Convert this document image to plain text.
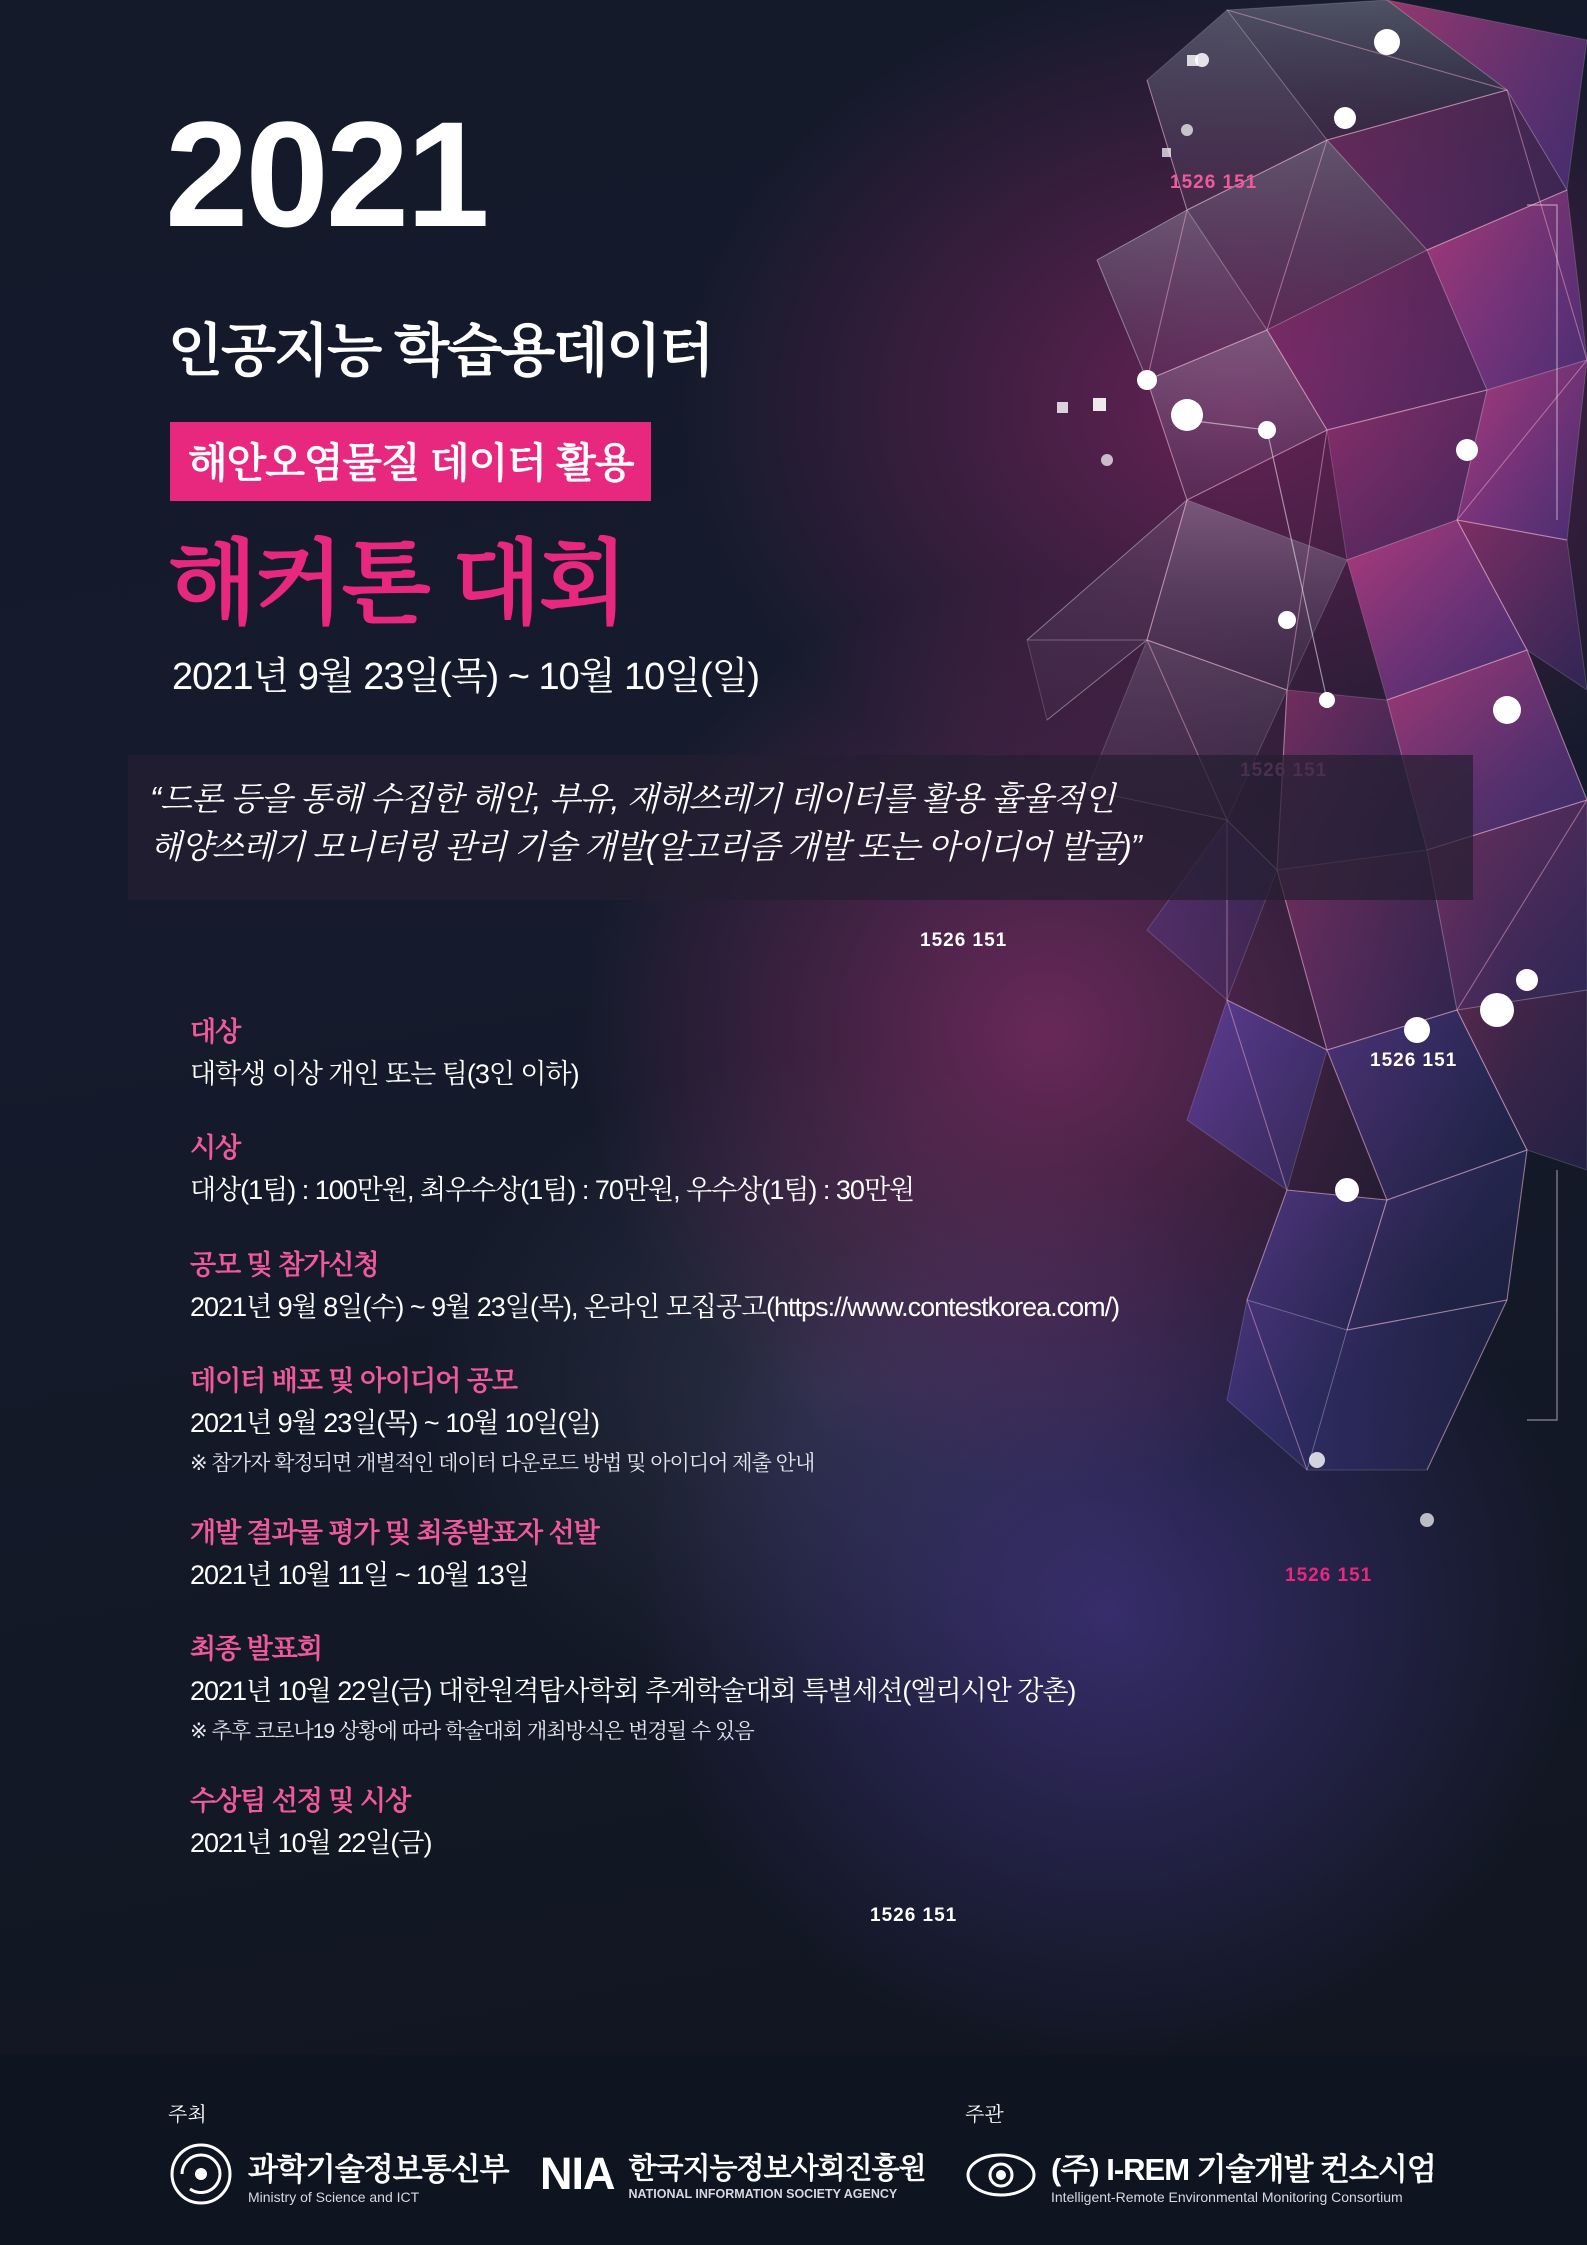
1526 151
1526 151
1526 151
1526 151
1526 151
2021
인공지능 학습용데이터
해안오염물질 데이터 활용
해커톤 대회
2021년 9월 23일(목) ~ 10월 10일(일)
“드론 등을 통해 수집한 해안, 부유, 재해쓰레기 데이터를 활용 휼율적인
해양쓰레기 모니터링 관리 기술 개발(알고리즘 개발 또는 아이디어 발굴)”
대상
대학생 이상 개인 또는 팀(3인 이하)
시상
대상(1팀) : 100만원, 최우수상(1팀) : 70만원, 우수상(1팀) : 30만원
공모 및 참가신청
2021년 9월 8일(수) ~ 9월 23일(목), 온라인 모집공고(https://www.contestkorea.com/)
데이터 배포 및 아이디어 공모
2021년 9월 23일(목) ~ 10월 10일(일)
※ 참가자 확정되면 개별적인 데이터 다운로드 방법 및 아이디어 제출 안내
개발 결과물 평가 및 최종발표자 선발
2021년 10월 11일 ~ 10월 13일
최종 발표회
2021년 10월 22일(금) 대한원격탐사학회 추계학술대회 특별세션(엘리시안 강촌)
※ 추후 코로나19 상황에 따라 학술대회 개최방식은 변경될 수 있음
수상팀 선정 및 시상
2021년 10월 22일(금)
주최	주관
과학기술정보통신부
Ministry of Science and ICT	NIA 한국지능정보사회진흥원
NATIONAL INFORMATION SOCIETY AGENCY
(주) I-REM 기술개발 컨소시엄
Intelligent-Remote Environmental Monitoring Consortium
